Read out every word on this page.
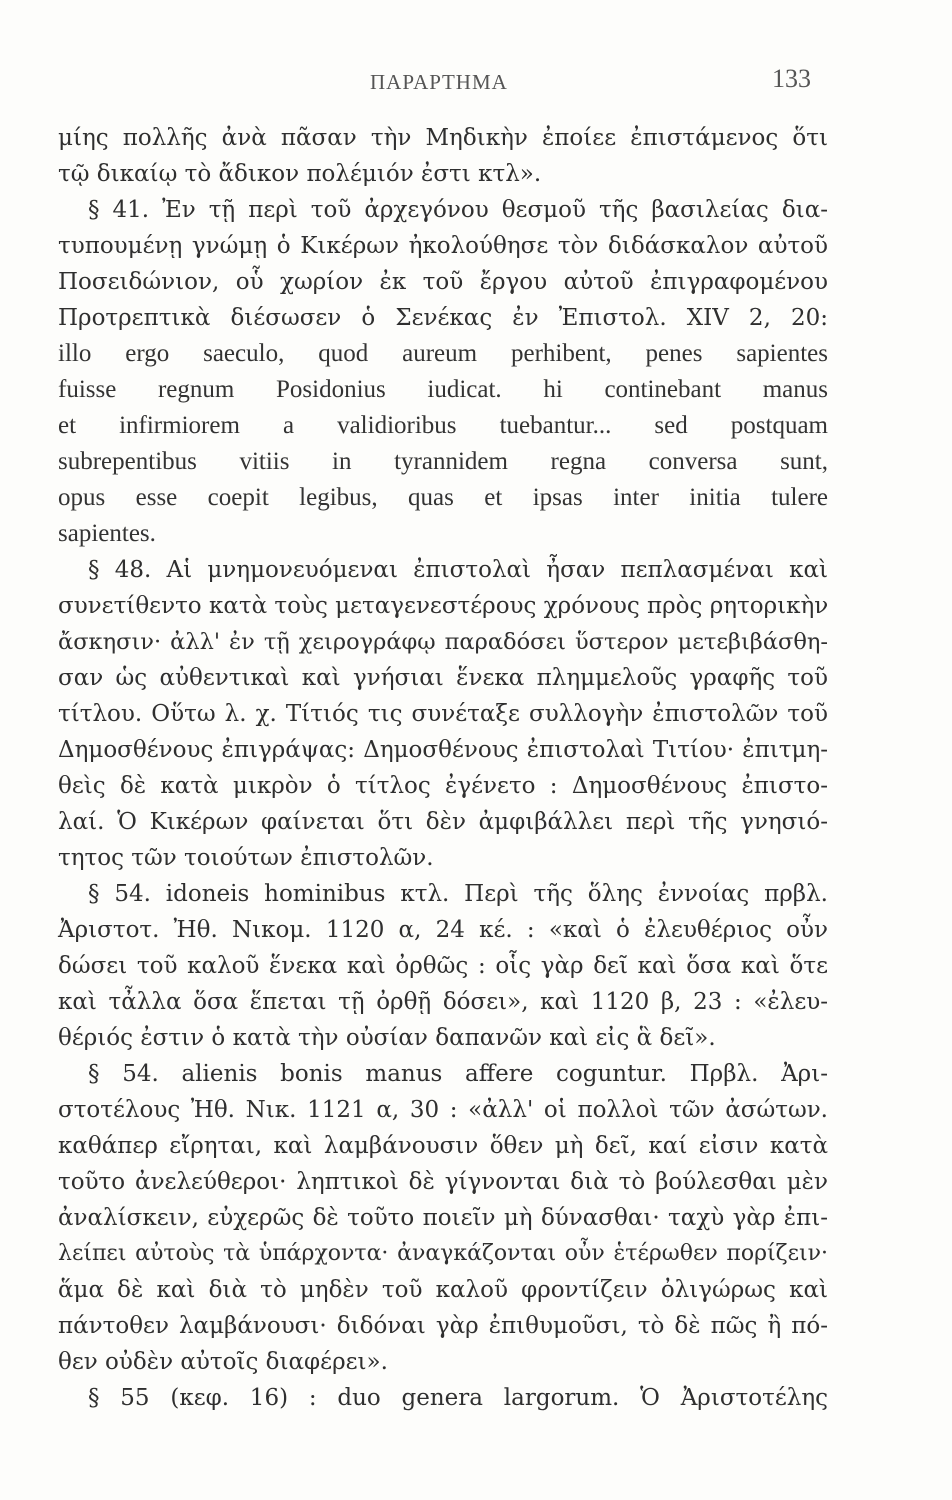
ΠΑΡΑΡΤΗΜΑ	133
μίης πολλῆς ἀνὰ πᾶσαν τὴν Μηδικὴν ἐποίεε ἐπιστάμενος ὅτι
τῷ δικαίῳ τὸ ἄδικον πολέμιόν ἐστι κτλ».
§ 41. Ἐν τῇ περὶ τοῦ ἀρχεγόνου θεσμοῦ τῆς βασιλείας δια-
τυπουμένῃ γνώμῃ ὁ Κικέρων ἠκολούθησε τὸν διδάσκαλον αὐτοῦ
Ποσειδώνιον, οὗ χωρίον ἐκ τοῦ ἔργου αὐτοῦ ἐπιγραφομένου
Προτρεπτικὰ διέσωσεν ὁ Σενέκας ἐν Ἐπιστολ. XIV 2, 20:
illo ergo saeculo, quod aureum perhibent, penes sapientes
fuisse regnum Posidonius iudicat. hi continebant manus
et infirmiorem a validioribus tuebantur... sed postquam
subrepentibus vitiis in tyrannidem regna conversa sunt,
opus esse coepit legibus, quas et ipsas inter initia tulere
sapientes.
§ 48. Αἱ μνημονευόμεναι ἐπιστολαὶ ἦσαν πεπλασμέναι καὶ
συνετίθεντο κατὰ τοὺς μεταγενεστέρους χρόνους πρὸς ρητορικὴν
ἄσκησιν· ἀλλ' ἐν τῇ χειρογράφῳ παραδόσει ὕστερον μετεβιβάσθη-
σαν ὡς αὐθεντικαὶ καὶ γνήσιαι ἕνεκα πλημμελοῦς γραφῆς τοῦ
τίτλου. Οὕτω λ. χ. Τίτιός τις συνέταξε συλλογὴν ἐπιστολῶν τοῦ
Δημοσθένους ἐπιγράψας: Δημοσθένους ἐπιστολαὶ Τιτίου· ἐπιτμη-
θεὶς δὲ κατὰ μικρὸν ὁ τίτλος ἐγένετο : Δημοσθένους ἐπιστο-
λαί. Ὁ Κικέρων φαίνεται ὅτι δὲν ἀμφιβάλλει περὶ τῆς γνησιό-
τητος τῶν τοιούτων ἐπιστολῶν.
§ 54. idoneis hominibus κτλ. Περὶ τῆς ὅλης ἐννοίας πρβλ.
Ἀριστοτ. Ἠθ. Νικομ. 1120 α, 24 κέ. : «καὶ ὁ ἐλευθέριος οὖν
δώσει τοῦ καλοῦ ἕνεκα καὶ ὀρθῶς : οἷς γὰρ δεῖ καὶ ὅσα καὶ ὅτε
καὶ τἆλλα ὅσα ἕπεται τῇ ὀρθῇ δόσει», καὶ 1120 β, 23 : «ἐλευ-
θέριός ἐστιν ὁ κατὰ τὴν οὐσίαν δαπανῶν καὶ εἰς ἃ δεῖ».
§ 54. alienis bonis manus affere coguntur. Πρβλ. Ἀρι-
στοτέλους Ἠθ. Νικ. 1121 α, 30 : «ἀλλ' οἱ πολλοὶ τῶν ἀσώτων.
καθάπερ εἴρηται, καὶ λαμβάνουσιν ὅθεν μὴ δεῖ, καί εἰσιν κατὰ
τοῦτο ἀνελεύθεροι· ληπτικοὶ δὲ γίγνονται διὰ τὸ βούλεσθαι μὲν
ἀναλίσκειν, εὐχερῶς δὲ τοῦτο ποιεῖν μὴ δύνασθαι· ταχὺ γὰρ ἐπι-
λείπει αὐτοὺς τὰ ὑπάρχοντα· ἀναγκάζονται οὖν ἑτέρωθεν πορίζειν·
ἅμα δὲ καὶ διὰ τὸ μηδὲν τοῦ καλοῦ φροντίζειν ὀλιγώρως καὶ
πάντοθεν λαμβάνουσι· διδόναι γὰρ ἐπιθυμοῦσι, τὸ δὲ πῶς ἢ πό-
θεν οὐδὲν αὐτοῖς διαφέρει».
§ 55 (κεφ. 16) : duo genera largorum. Ὁ Ἀριστοτέλης
